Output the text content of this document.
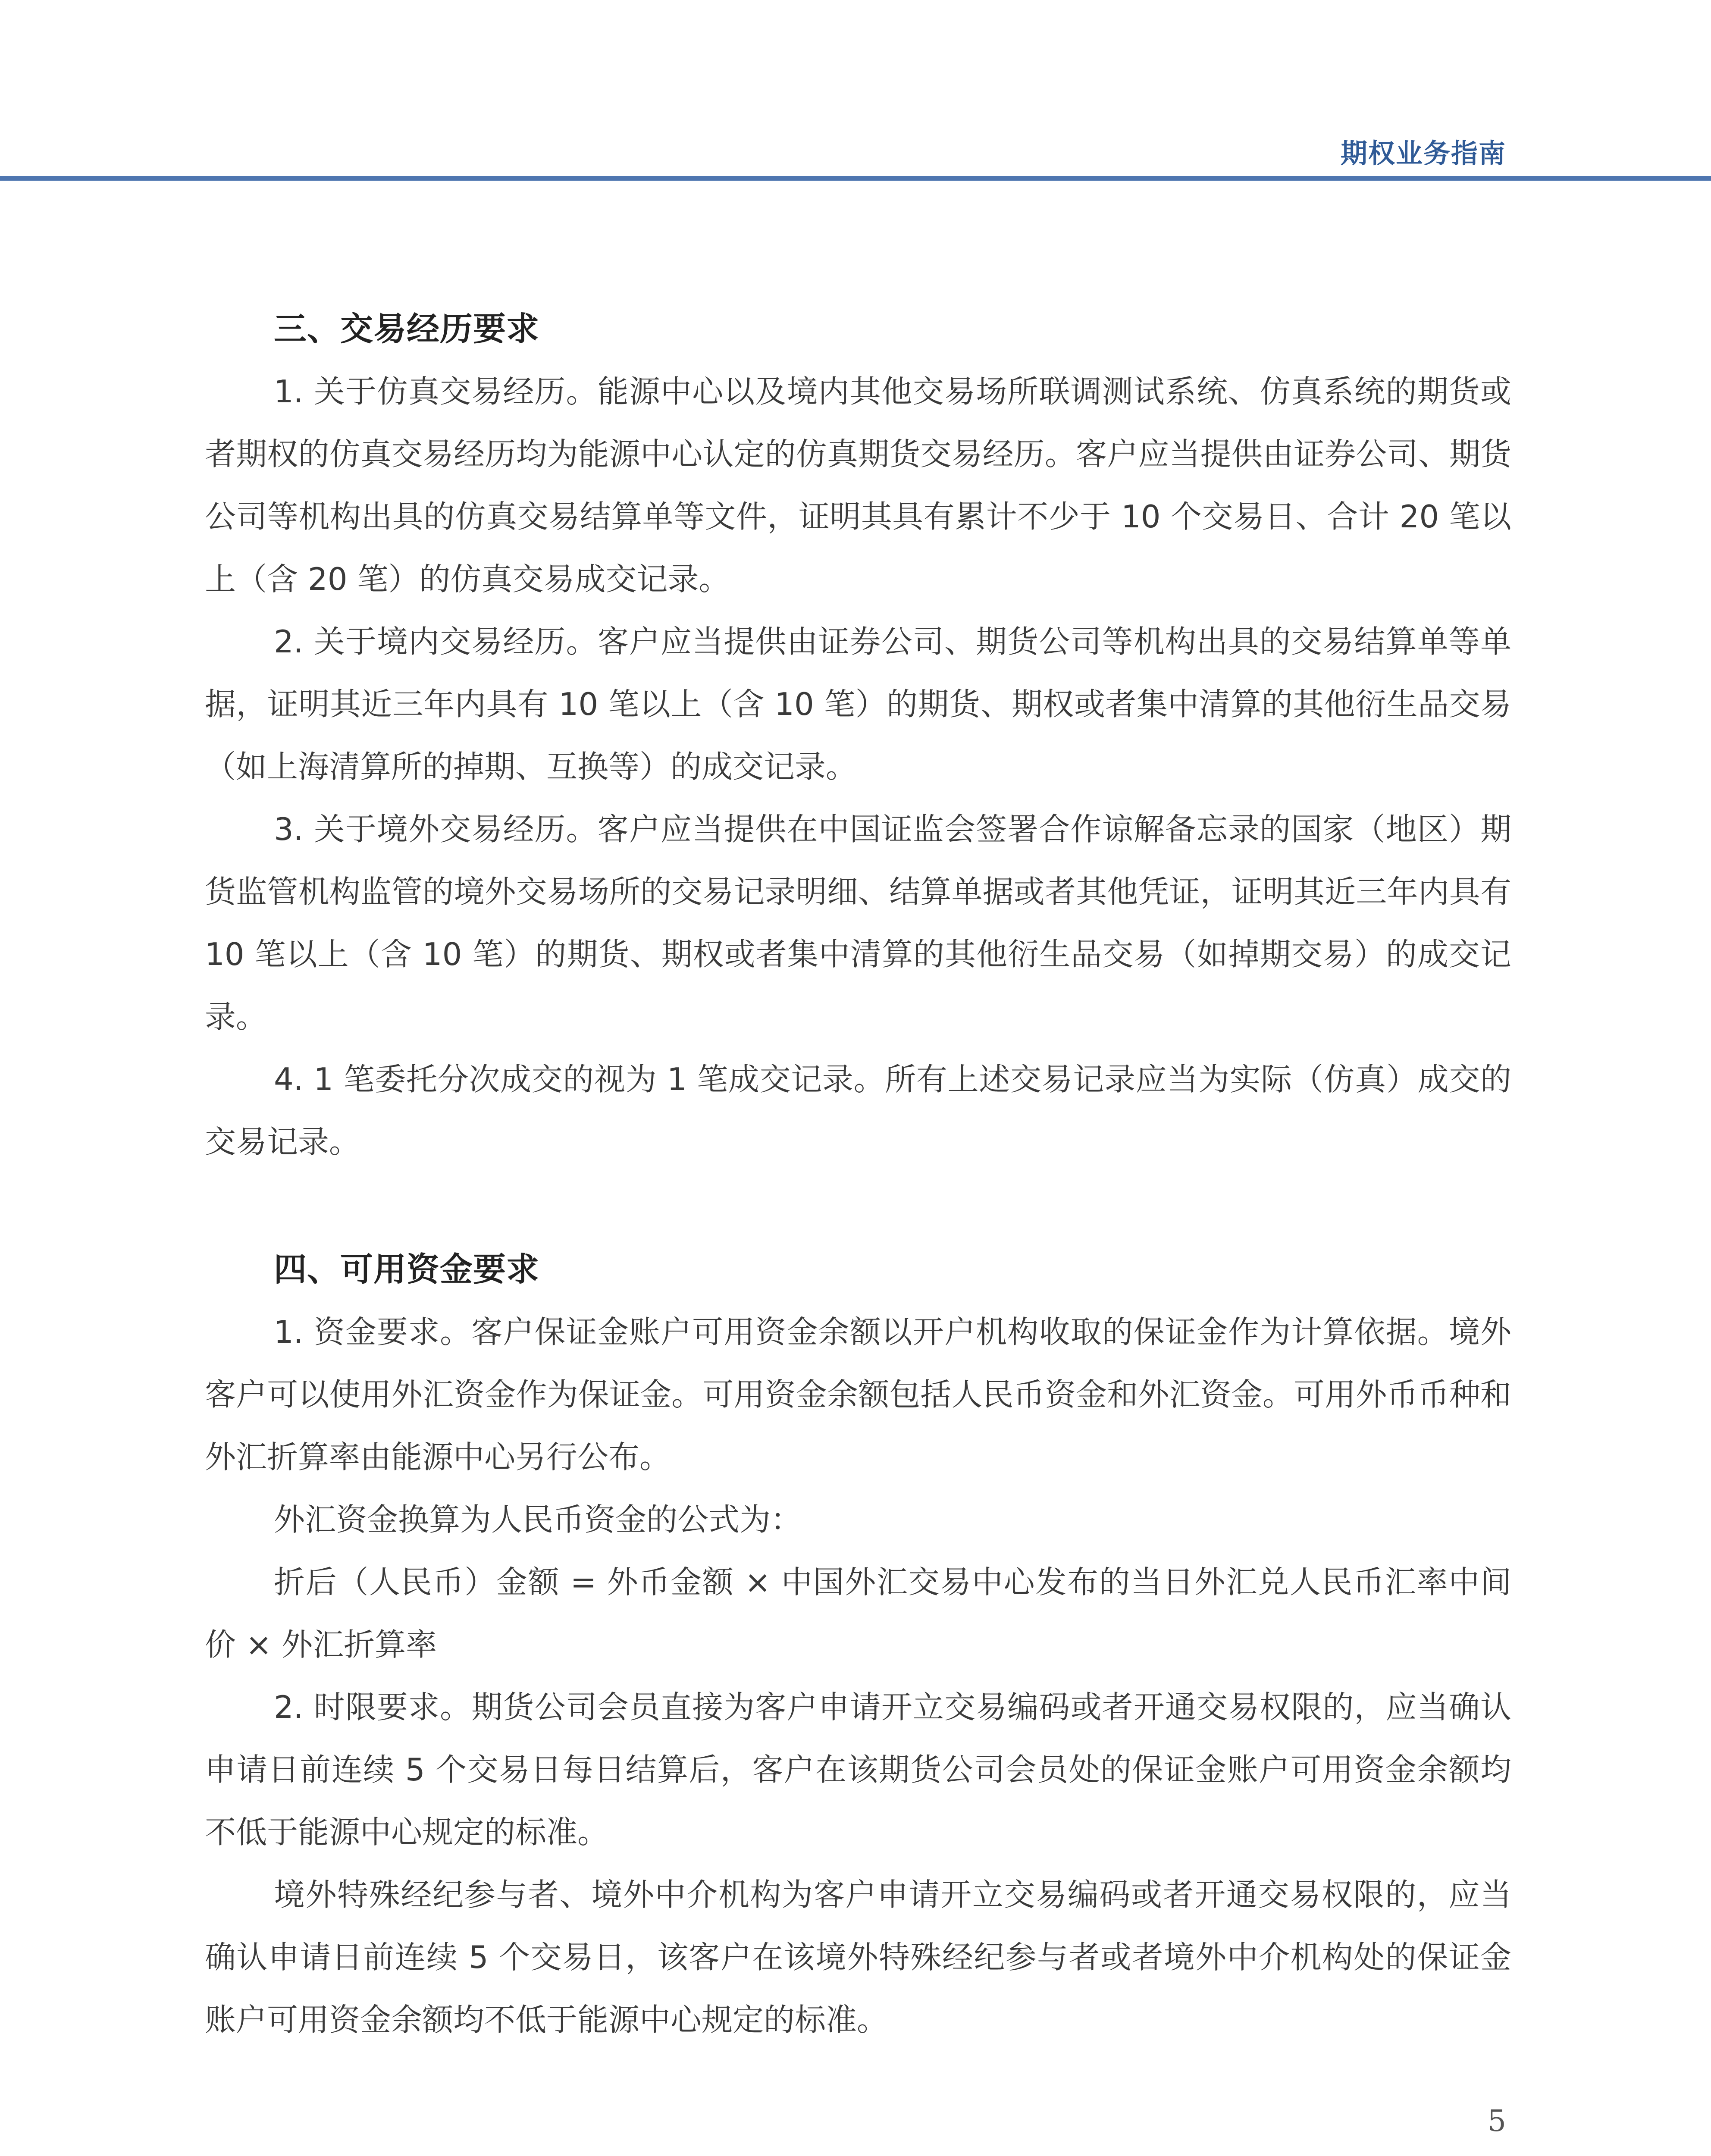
期权业务指南
三、交易经历要求

1. 关于仿真交易经历。能源中心以及境内其他交易场所联调测试系统、仿真系统的期货或者期权的仿真交易经历均为能源中心认定的仿真期货交易经历。客户应当提供由证券公司、期货公司等机构出具的仿真交易结算单等文件，证明其具有累计不少于 10 个交易日、合计 20 笔以上（含 20 笔）的仿真交易成交记录。

2. 关于境内交易经历。客户应当提供由证券公司、期货公司等机构出具的交易结算单等单据，证明其近三年内具有 10 笔以上（含 10 笔）的期货、期权或者集中清算的其他衍生品交易（如上海清算所的掉期、互换等）的成交记录。

3. 关于境外交易经历。客户应当提供在中国证监会签署合作谅解备忘录的国家（地区）期货监管机构监管的境外交易场所的交易记录明细、结算单据或者其他凭证，证明其近三年内具有 10 笔以上（含 10 笔）的期货、期权或者集中清算的其他衍生品交易（如掉期交易）的成交记录。

4. 1 笔委托分次成交的视为 1 笔成交记录。所有上述交易记录应当为实际（仿真）成交的交易记录。

四、可用资金要求

1. 资金要求。客户保证金账户可用资金余额以开户机构收取的保证金作为计算依据。境外客户可以使用外汇资金作为保证金。可用资金余额包括人民币资金和外汇资金。可用外币币种和外汇折算率由能源中心另行公布。

外汇资金换算为人民币资金的公式为：

折后（人民币）金额 = 外币金额 × 中国外汇交易中心发布的当日外汇兑人民币汇率中间价 × 外汇折算率

2. 时限要求。期货公司会员直接为客户申请开立交易编码或者开通交易权限的，应当确认申请日前连续 5 个交易日每日结算后，客户在该期货公司会员处的保证金账户可用资金余额均不低于能源中心规定的标准。

境外特殊经纪参与者、境外中介机构为客户申请开立交易编码或者开通交易权限的，应当确认申请日前连续 5 个交易日，该客户在该境外特殊经纪参与者或者境外中介机构处的保证金账户可用资金余额均不低于能源中心规定的标准。

5
